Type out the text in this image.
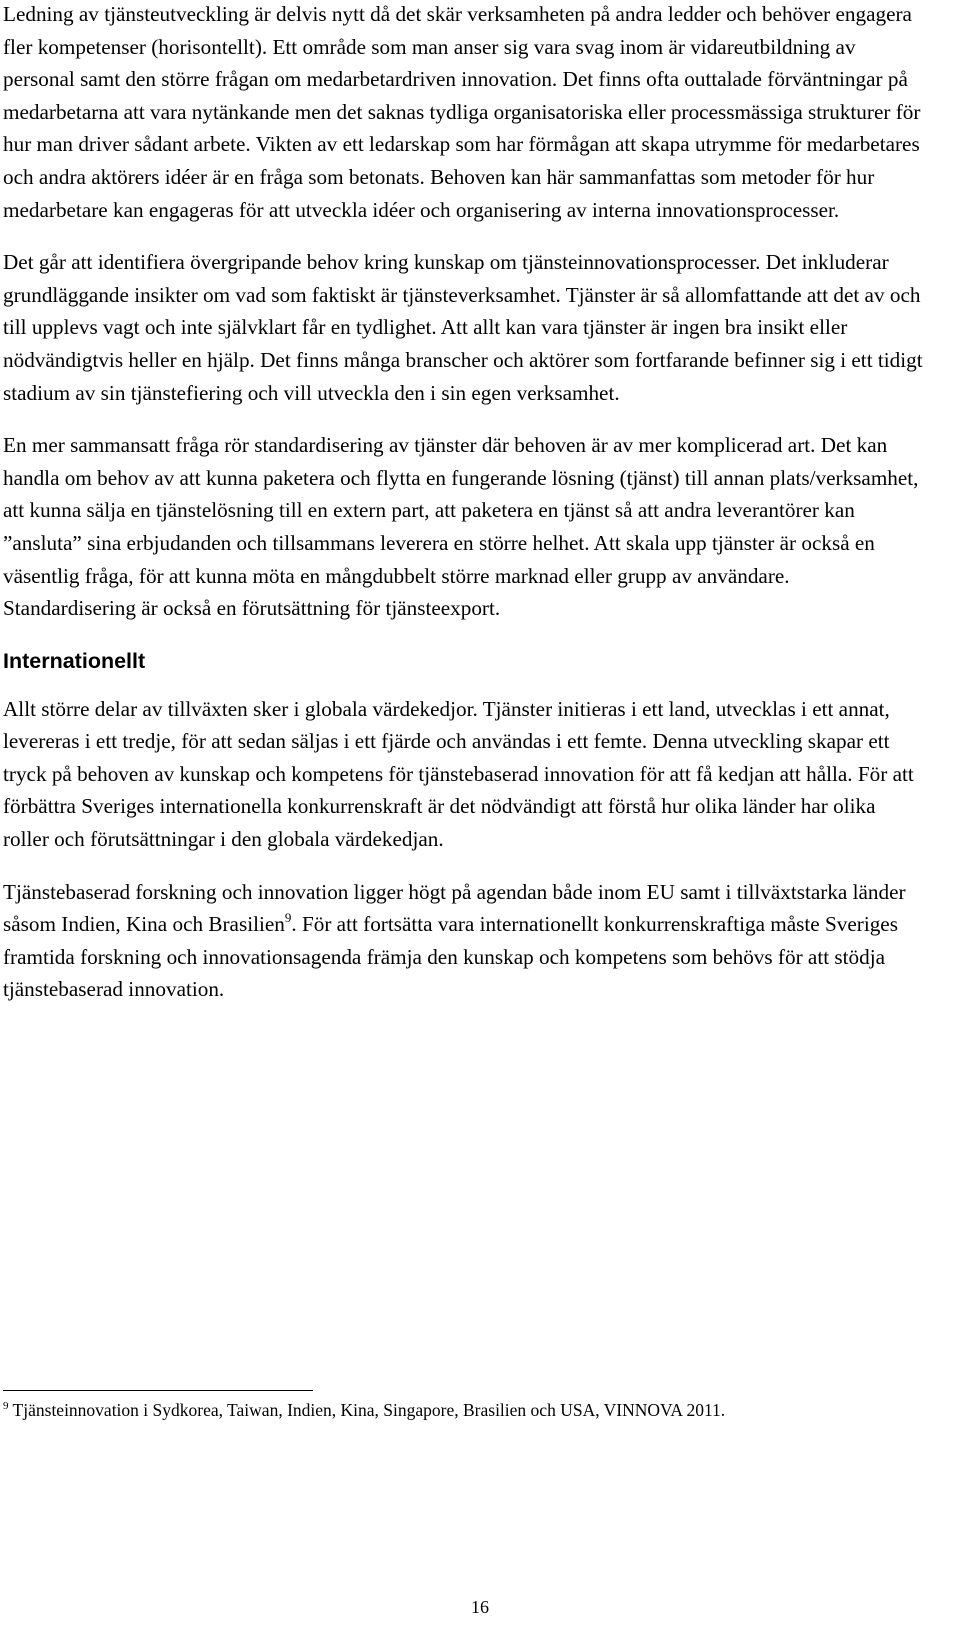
Ledning av tjänsteutveckling är delvis nytt då det skär verksamheten på andra ledder och behöver engagera fler kompetenser (horisontellt). Ett område som man anser sig vara svag inom är vidareutbildning av personal samt den större frågan om medarbetardriven innovation. Det finns ofta outtalade förväntningar på medarbetarna att vara nytänkande men det saknas tydliga organisatoriska eller processmässiga strukturer för hur man driver sådant arbete. Vikten av ett ledarskap som har förmågan att skapa utrymme för medarbetares och andra aktörers idéer är en fråga som betonats. Behoven kan här sammanfattas som metoder för hur medarbetare kan engageras för att utveckla idéer och organisering av interna innovationsprocesser.

Det går att identifiera övergripande behov kring kunskap om tjänsteinnovationsprocesser. Det inkluderar grundläggande insikter om vad som faktiskt är tjänsteverksamhet. Tjänster är så allomfattande att det av och till upplevs vagt och inte självklart får en tydlighet. Att allt kan vara tjänster är ingen bra insikt eller nödvändigtvis heller en hjälp. Det finns många branscher och aktörer som fortfarande befinner sig i ett tidigt stadium av sin tjänstefiering och vill utveckla den i sin egen verksamhet.

En mer sammansatt fråga rör standardisering av tjänster där behoven är av mer komplicerad art. Det kan handla om behov av att kunna paketera och flytta en fungerande lösning (tjänst) till annan plats/verksamhet, att kunna sälja en tjänstelösning till en extern part, att paketera en tjänst så att andra leverantörer kan ”ansluta” sina erbjudanden och tillsammans leverera en större helhet. Att skala upp tjänster är också en väsentlig fråga, för att kunna möta en mångdubbelt större marknad eller grupp av användare. Standardisering är också en förutsättning för tjänsteexport.

Internationellt

Allt större delar av tillväxten sker i globala värdekedjor. Tjänster initieras i ett land, utvecklas i ett annat, levereras i ett tredje, för att sedan säljas i ett fjärde och användas i ett femte. Denna utveckling skapar ett tryck på behoven av kunskap och kompetens för tjänstebaserad innovation för att få kedjan att hålla. För att förbättra Sveriges internationella konkurrenskraft är det nödvändigt att förstå hur olika länder har olika roller och förutsättningar i den globala värdekedjan.

Tjänstebaserad forskning och innovation ligger högt på agendan både inom EU samt i tillväxtstarka länder såsom Indien, Kina och Brasilien$^9$. För att fortsätta vara internationellt konkurrenskraftiga måste Sveriges framtida forskning och innovationsagenda främja den kunskap och kompetens som behövs för att stödja tjänstebaserad innovation.

$^9$ Tjänsteinnovation i Sydkorea, Taiwan, Indien, Kina, Singapore, Brasilien och USA, VINNOVA 2011.
16
